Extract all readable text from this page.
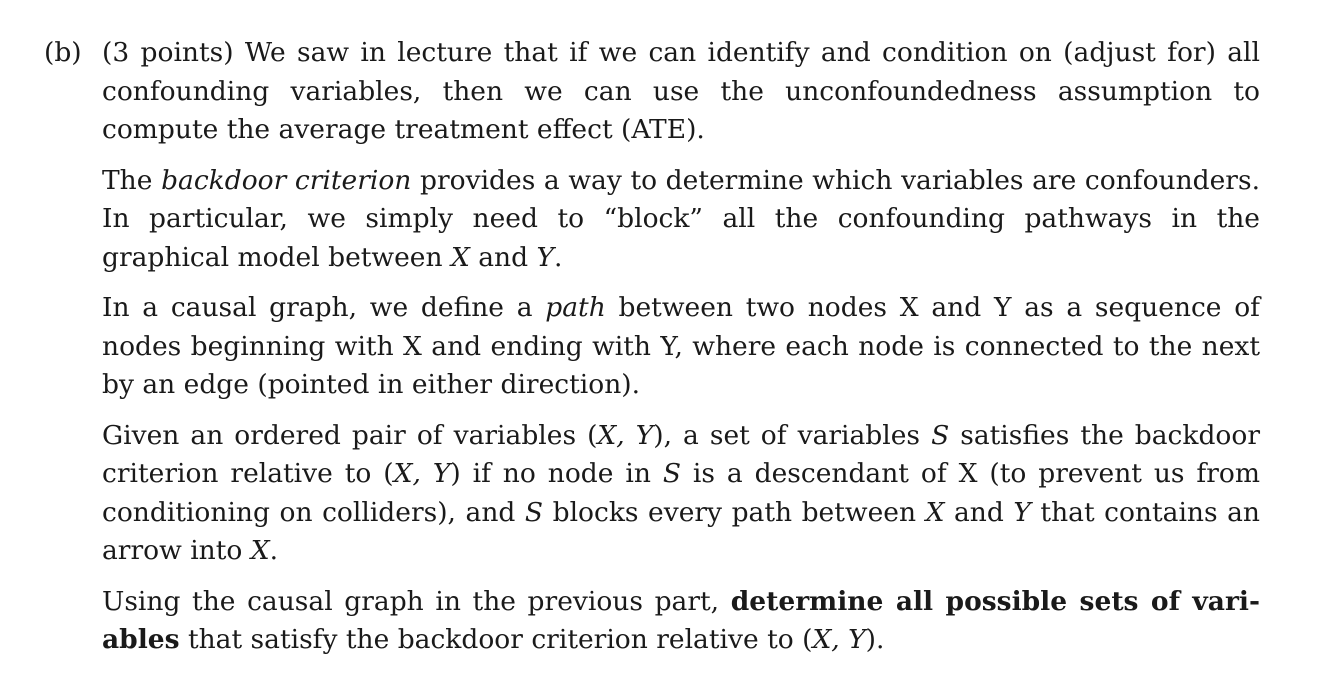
(b) (3 points) We saw in lecture that if we can identify and condition on (adjust for) all confounding variables, then we can use the unconfoundedness assumption to compute the average treatment effect (ATE).

The backdoor criterion provides a way to determine which variables are confounders. In particular, we simply need to “block” all the confounding pathways in the graphical model between X and Y.

In a causal graph, we define a path between two nodes X and Y as a sequence of nodes beginning with X and ending with Y, where each node is connected to the next by an edge (pointed in either direction).

Given an ordered pair of variables (X, Y), a set of variables S satisfies the backdoor criterion relative to (X, Y) if no node in S is a descendant of X (to prevent us from conditioning on colliders), and S blocks every path between X and Y that contains an arrow into X.

Using the causal graph in the previous part, determine all possible sets of variables that satisfy the backdoor criterion relative to (X, Y).
